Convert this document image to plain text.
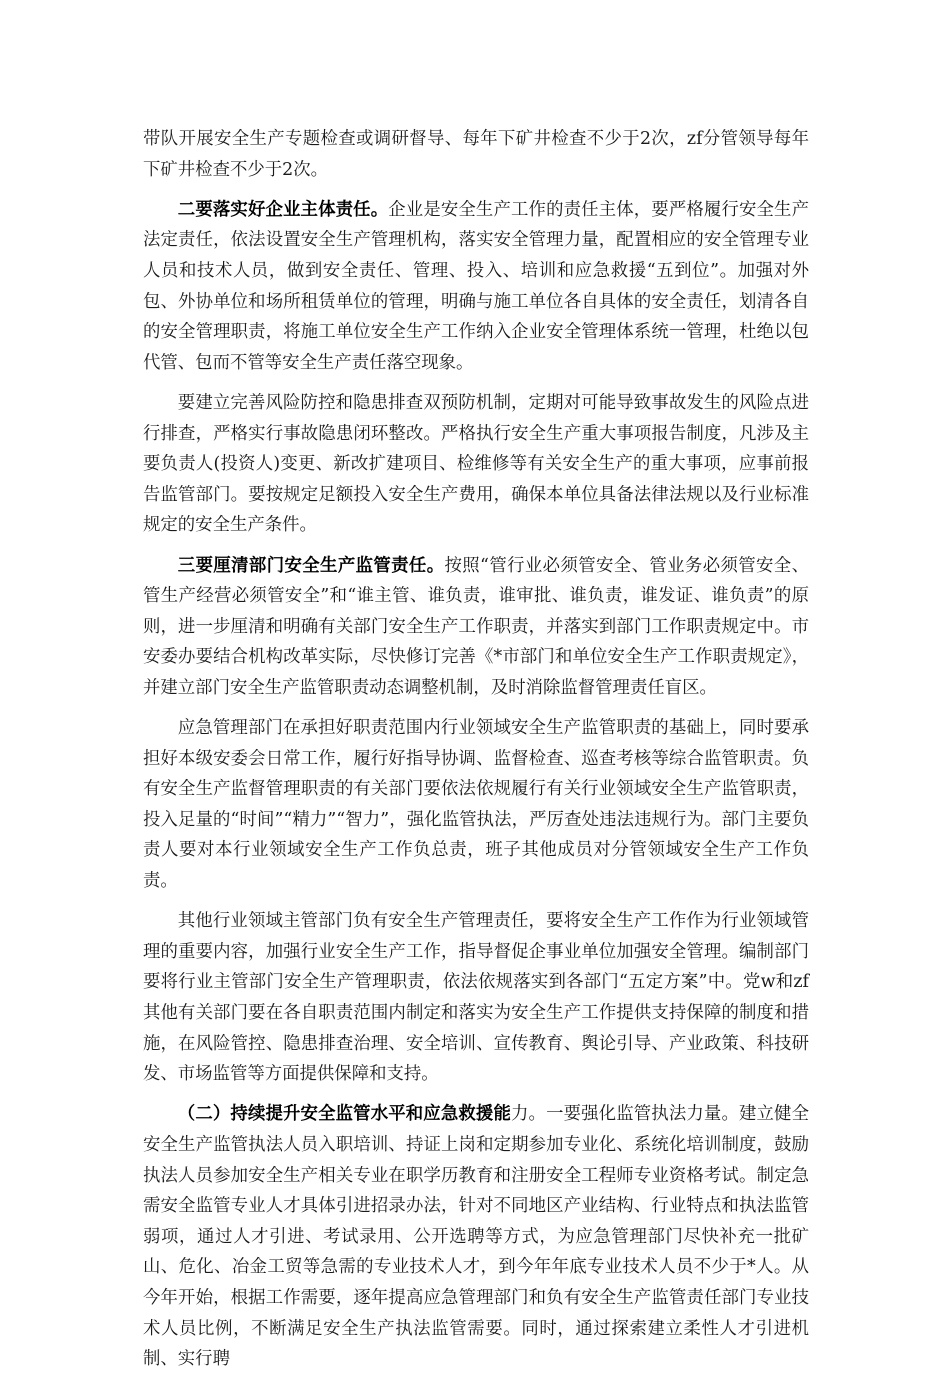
带队开展安全生产专题检查或调研督导、每年下矿井检查不少于2次，zf分管领导每年下矿井检查不少于2次。

二要落实好企业主体责任。企业是安全生产工作的责任主体，要严格履行安全生产法定责任，依法设置安全生产管理机构，落实安全管理力量，配置相应的安全管理专业人员和技术人员，做到安全责任、管理、投入、培训和应急救援“五到位”。加强对外包、外协单位和场所租赁单位的管理，明确与施工单位各自具体的安全责任，划清各自的安全管理职责，将施工单位安全生产工作纳入企业安全管理体系统一管理，杜绝以包代管、包而不管等安全生产责任落空现象。

要建立完善风险防控和隐患排查双预防机制，定期对可能导致事故发生的风险点进行排查，严格实行事故隐患闭环整改。严格执行安全生产重大事项报告制度，凡涉及主要负责人(投资人)变更、新改扩建项目、检维修等有关安全生产的重大事项，应事前报告监管部门。要按规定足额投入安全生产费用，确保本单位具备法律法规以及行业标准规定的安全生产条件。

三要厘清部门安全生产监管责任。按照“管行业必须管安全、管业务必须管安全、管生产经营必须管安全”和“谁主管、谁负责，谁审批、谁负责，谁发证、谁负责”的原则，进一步厘清和明确有关部门安全生产工作职责，并落实到部门工作职责规定中。市安委办要结合机构改革实际，尽快修订完善《*市部门和单位安全生产工作职责规定》，并建立部门安全生产监管职责动态调整机制，及时消除监督管理责任盲区。

应急管理部门在承担好职责范围内行业领域安全生产监管职责的基础上，同时要承担好本级安委会日常工作，履行好指导协调、监督检查、巡查考核等综合监管职责。负有安全生产监督管理职责的有关部门要依法依规履行有关行业领域安全生产监管职责，投入足量的“时间”“精力”“智力”，强化监管执法，严厉查处违法违规行为。部门主要负责人要对本行业领域安全生产工作负总责，班子其他成员对分管领域安全生产工作负责。

其他行业领域主管部门负有安全生产管理责任，要将安全生产工作作为行业领域管理的重要内容，加强行业安全生产工作，指导督促企事业单位加强安全管理。编制部门要将行业主管部门安全生产管理职责，依法依规落实到各部门“五定方案”中。党w和zf其他有关部门要在各自职责范围内制定和落实为安全生产工作提供支持保障的制度和措施，在风险管控、隐患排查治理、安全培训、宣传教育、舆论引导、产业政策、科技研发、市场监管等方面提供保障和支持。

（二）持续提升安全监管水平和应急救援能力。一要强化监管执法力量。建立健全安全生产监管执法人员入职培训、持证上岗和定期参加专业化、系统化培训制度，鼓励执法人员参加安全生产相关专业在职学历教育和注册安全工程师专业资格考试。制定急需安全监管专业人才具体引进招录办法，针对不同地区产业结构、行业特点和执法监管弱项，通过人才引进、考试录用、公开选聘等方式，为应急管理部门尽快补充一批矿山、危化、冶金工贸等急需的专业技术人才，到今年年底专业技术人员不少于*人。从今年开始，根据工作需要，逐年提高应急管理部门和负有安全生产监管责任部门专业技术人员比例，不断满足安全生产执法监管需要。同时，通过探索建立柔性人才引进机制、实行聘
